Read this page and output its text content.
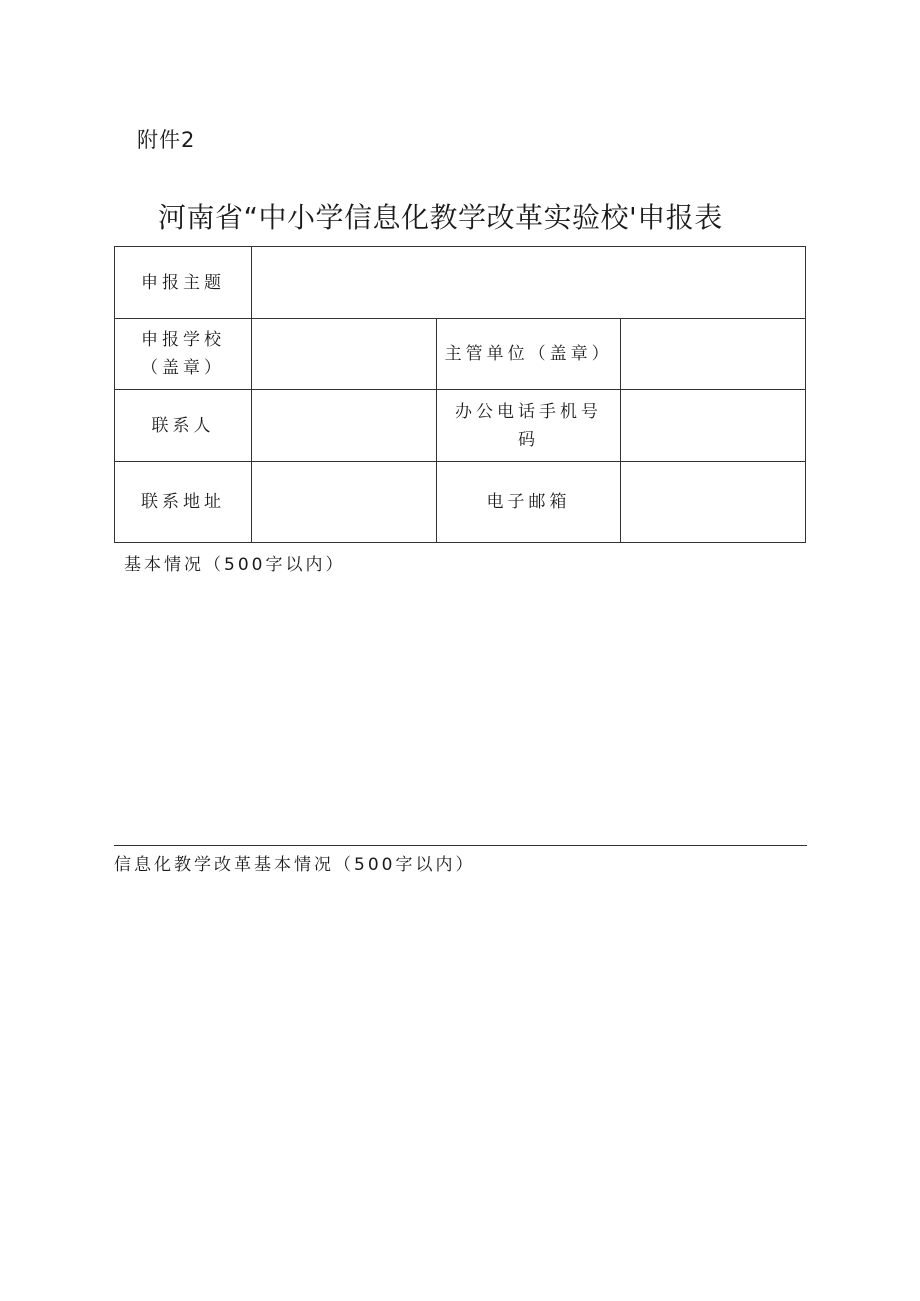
附件2
河南省“中小学信息化教学改革实验校'申报表
申报主题			
申报学校（盖章）		主管单位（盖章）	
联系人		办公电话手机号码	
联系地址		电子邮箱	
基本情况（500字以内）
信息化教学改革基本情况（500字以内）
